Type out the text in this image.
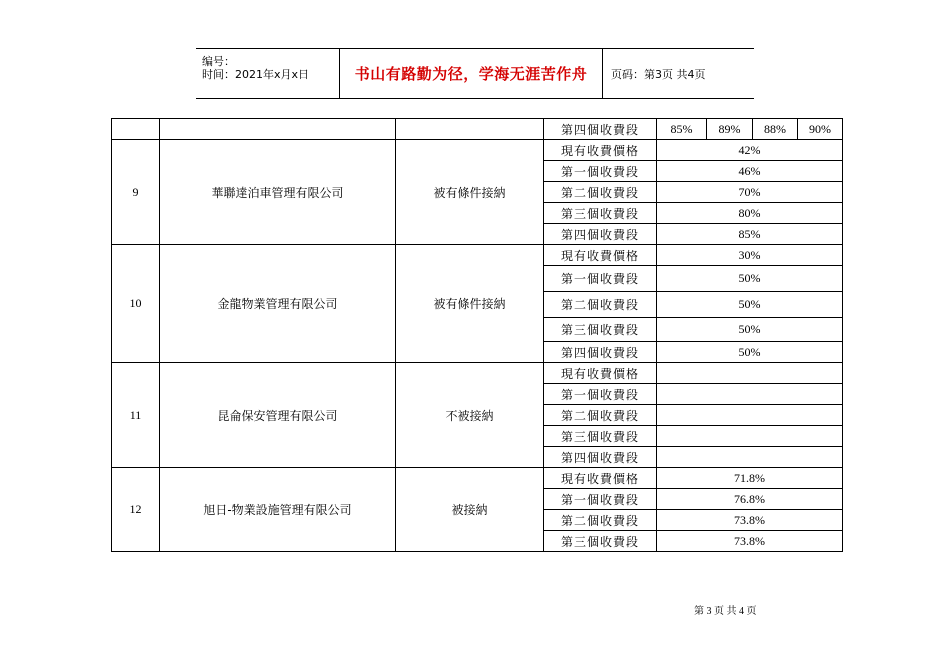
编号：
时间：2021年x月x日	书山有路勤为径，学海无涯苦作舟	页码：第3页 共4页
			第四個收費段	85%	89%	88%	90%
9	華聯達泊車管理有限公司	被有條件接納	現有收費價格	42%			
			第一個收費段	46%			
			第二個收費段	70%			
			第三個收費段	80%			
			第四個收費段	85%			
10	金龍物業管理有限公司	被有條件接納	現有收費價格	30%			
			第一個收費段	50%			
			第二個收費段	50%			
			第三個收費段	50%			
			第四個收費段	50%			
11	昆侖保安管理有限公司	不被接納	現有收費價格				
			第一個收費段				
			第二個收費段				
			第三個收費段				
			第四個收費段				
12	旭日-物業設施管理有限公司	被接納	現有收費價格	71.8%			
			第一個收費段	76.8%			
			第二個收費段	73.8%			
			第三個收費段	73.8%			
第 3 页 共 4 页
